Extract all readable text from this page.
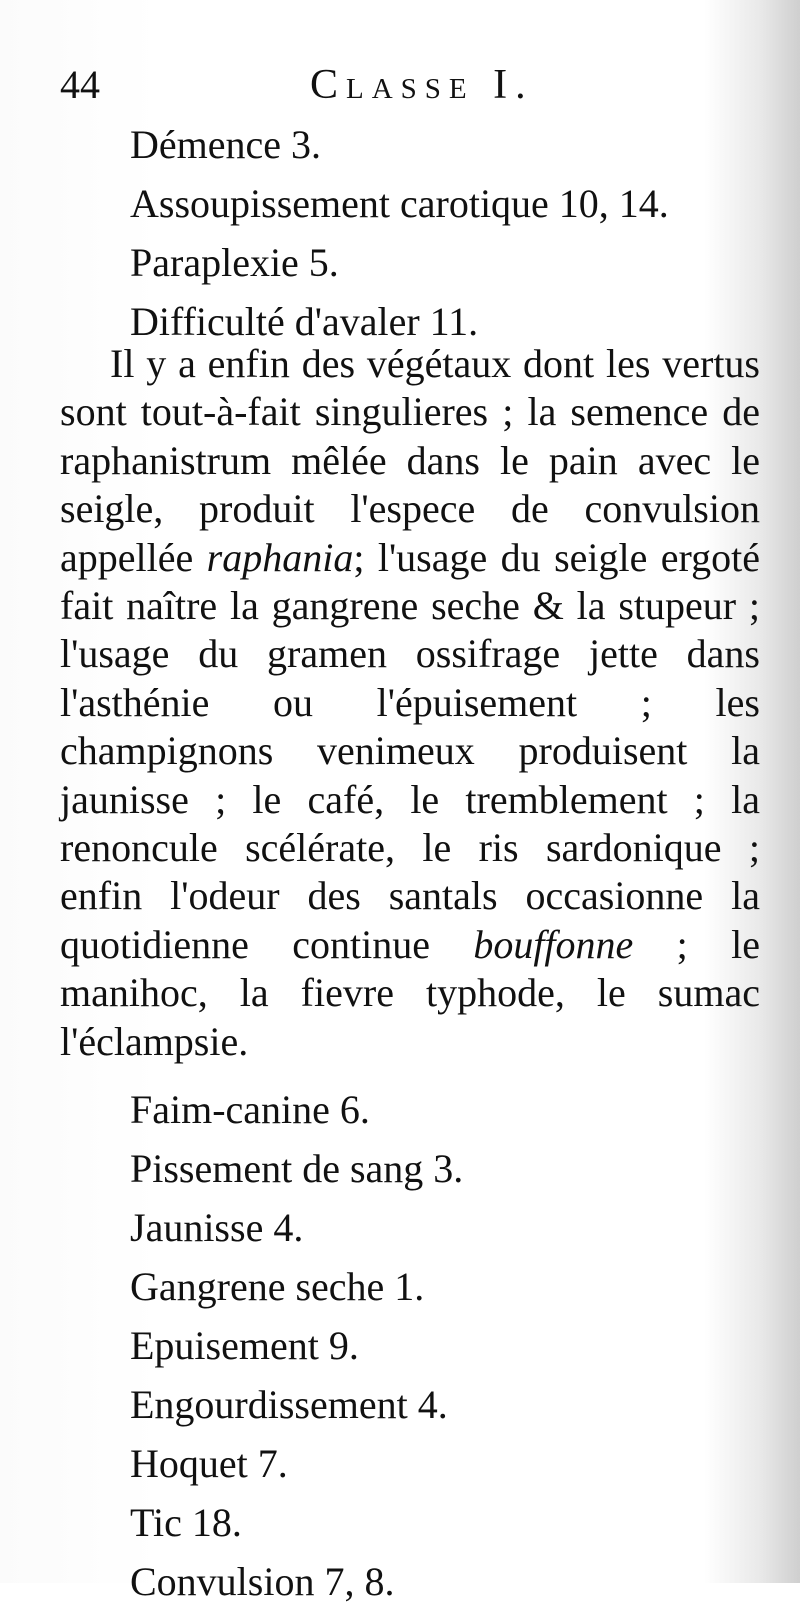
44	Classe I.
Démence 3.
Assoupissement carotique 10, 14.
Paraplexie 5.
Difficulté d'avaler 11.

Il y a enfin des végétaux dont les vertus sont tout-à-fait singulieres ; la semence de raphanistrum mêlée dans le pain avec le seigle, produit l'espece de convulsion appellée raphania; l'usage du seigle ergoté fait naître la gangrene seche & la stupeur ; l'usage du gramen ossifrage jette dans l'asthénie ou l'épuisement ; les champignons venimeux produisent la jaunisse ; le café, le tremblement ; la renoncule scélérate, le ris sardonique ; enfin l'odeur des santals occasionne la quotidienne continue bouffonne ; le manihoc, la fievre typhode, le sumac l'éclampsie.

Faim-canine 6.
Pissement de sang 3.
Jaunisse 4.
Gangrene seche 1.
Epuisement 9.
Engourdissement 4.
Hoquet 7.
Tic 18.
Convulsion 7, 8.
